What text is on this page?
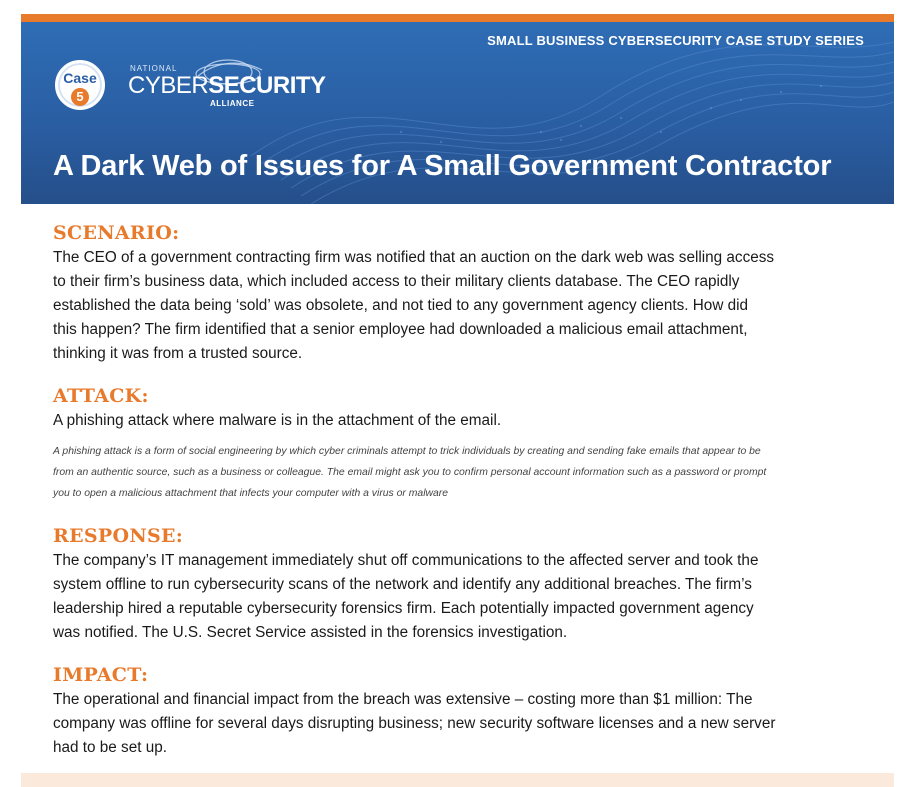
SMALL BUSINESS CYBERSECURITY CASE STUDY SERIES
Case
5
NATIONAL
CYBERSECURITY
ALLIANCE
A Dark Web of Issues for A Small Government Contractor
SCENARIO:
The CEO of a government contracting firm was notified that an auction on the dark web was selling access
to their firm’s business data, which included access to their military clients database. The CEO rapidly
established the data being ‘sold’ was obsolete, and not tied to any government agency clients. How did
this happen? The firm identified that a senior employee had downloaded a malicious email attachment,
thinking it was from a trusted source.
ATTACK:
A phishing attack where malware is in the attachment of the email.
A phishing attack is a form of social engineering by which cyber criminals attempt to trick individuals by creating and sending fake emails that appear to be
from an authentic source, such as a business or colleague. The email might ask you to confirm personal account information such as a password or prompt
you to open a malicious attachment that infects your computer with a virus or malware
RESPONSE:
The company’s IT management immediately shut off communications to the affected server and took the
system offline to run cybersecurity scans of the network and identify any additional breaches. The firm’s
leadership hired a reputable cybersecurity forensics firm. Each potentially impacted government agency
was notified. The U.S. Secret Service assisted in the forensics investigation.
IMPACT:
The operational and financial impact from the breach was extensive – costing more than $1 million: The
company was offline for several days disrupting business; new security software licenses and a new server
had to be set up.
